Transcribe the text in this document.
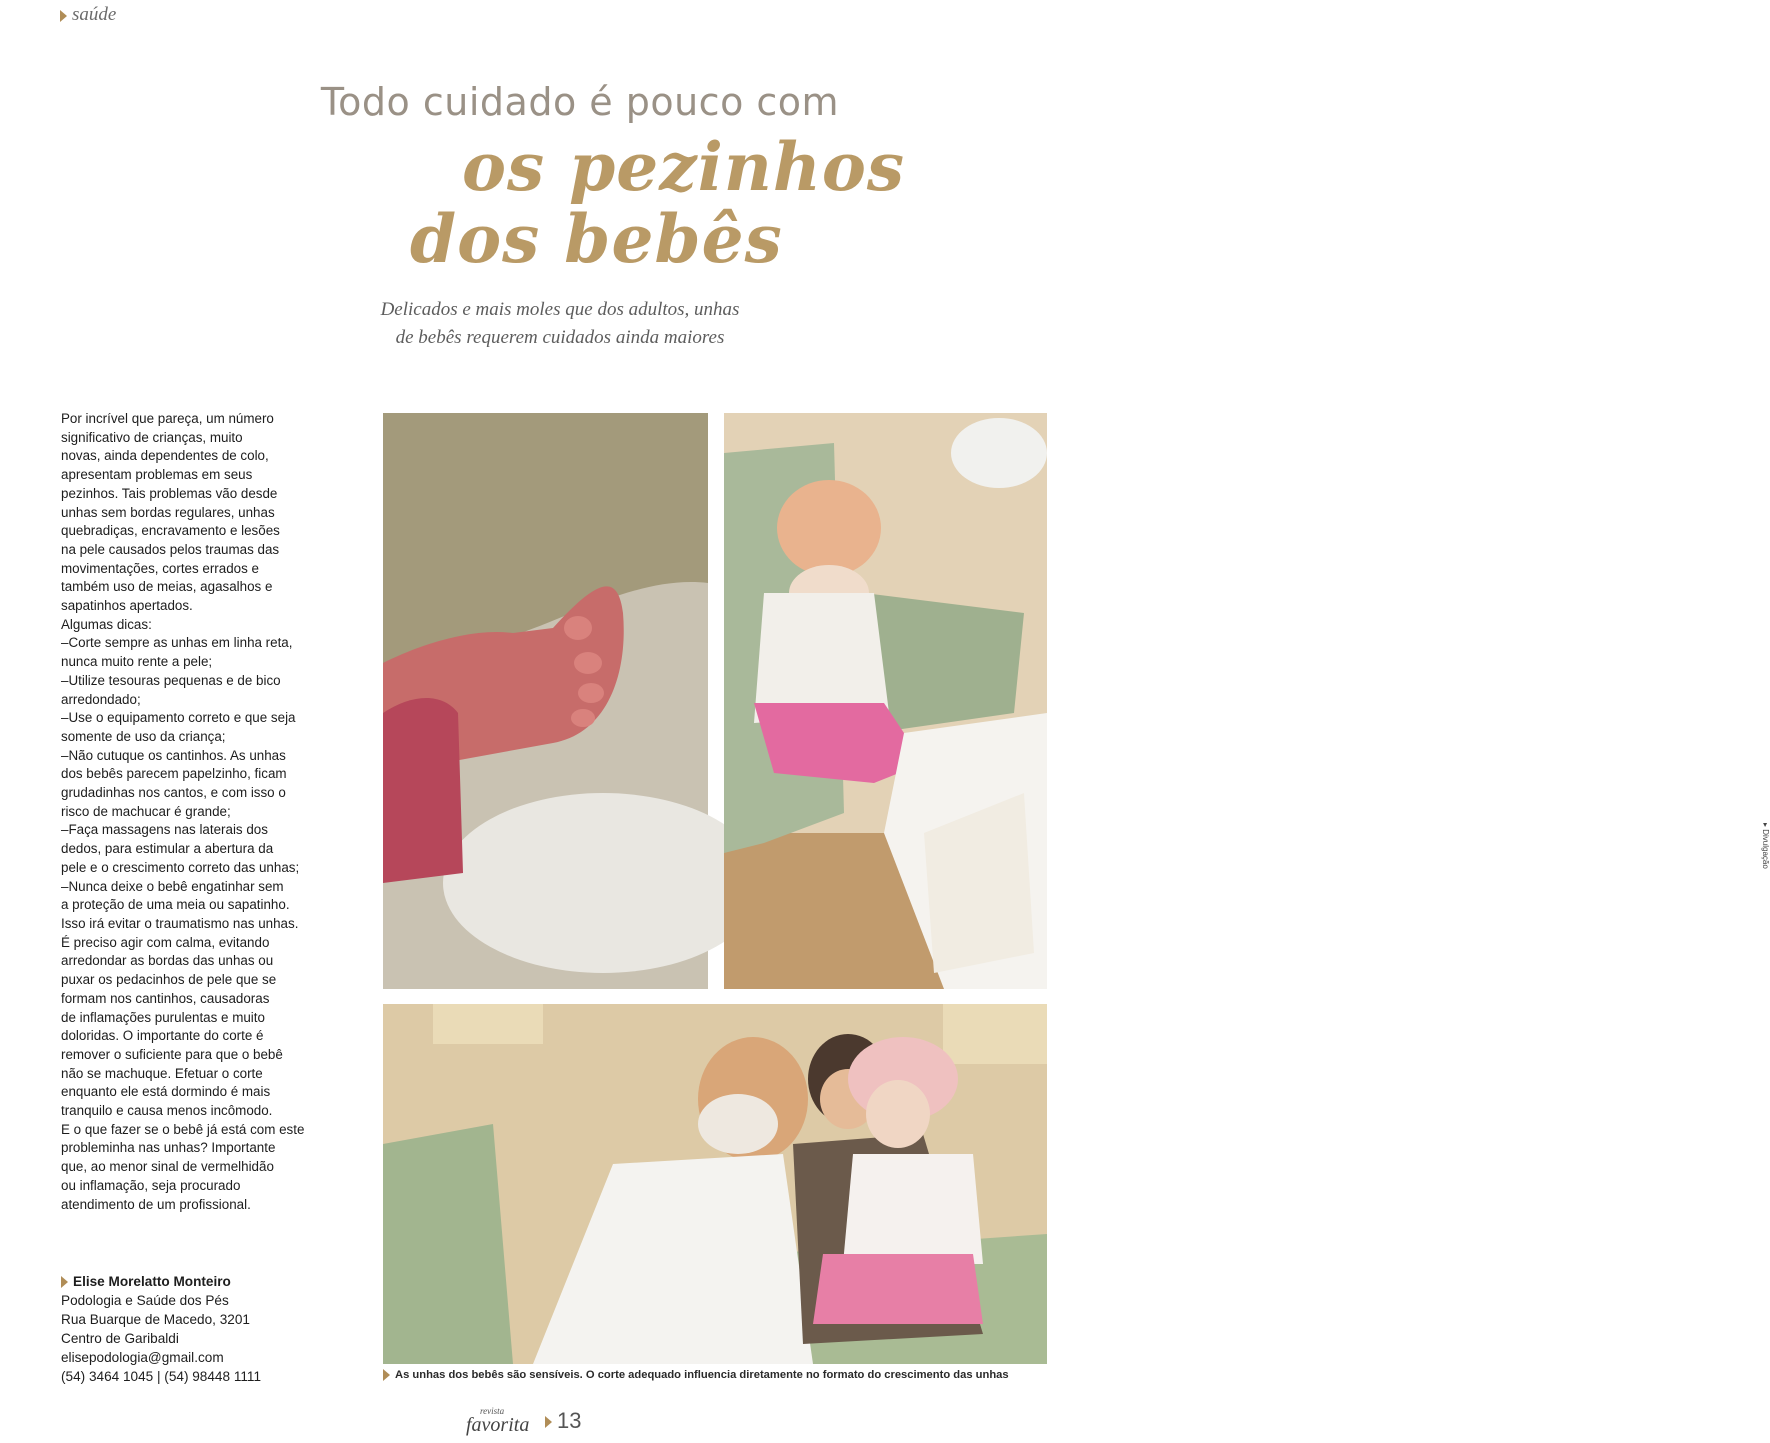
saúde
Todo cuidado é pouco com
os pezinhos
dos bebês
Delicados e mais moles que dos adultos, unhas
de bebês requerem cuidados ainda maiores
Por incrível que pareça, um número
significativo de crianças, muito
novas, ainda dependentes de colo,
apresentam problemas em seus
pezinhos. Tais problemas vão desde
unhas sem bordas regulares, unhas
quebradiças, encravamento e lesões
na pele causados pelos traumas das
movimentações, cortes errados e
também uso de meias, agasalhos e
sapatinhos apertados.
Algumas dicas:
–Corte sempre as unhas em linha reta,
nunca muito rente a pele;
–Utilize tesouras pequenas e de bico
arredondado;
–Use o equipamento correto e que seja
somente de uso da criança;
–Não cutuque os cantinhos. As unhas
dos bebês parecem papelzinho, ficam
grudadinhas nos cantos, e com isso o
risco de machucar é grande;
–Faça massagens nas laterais dos
dedos, para estimular a abertura da
pele e o crescimento correto das unhas;
–Nunca deixe o bebê engatinhar sem
a proteção de uma meia ou sapatinho.
Isso irá evitar o traumatismo nas unhas.
É preciso agir com calma, evitando
arredondar as bordas das unhas ou
puxar os pedacinhos de pele que se
formam nos cantinhos, causadoras
de inflamações purulentas e muito
doloridas. O importante do corte é
remover o suficiente para que o bebê
não se machuque. Efetuar o corte
enquanto ele está dormindo é mais
tranquilo e causa menos incômodo.
E o que fazer se o bebê já está com este
probleminha nas unhas? Importante
que, ao menor sinal de vermelhidão
ou inflamação, seja procurado
atendimento de um profissional.
Elise Morelatto Monteiro
Podologia e Saúde dos Pés
Rua Buarque de Macedo, 3201
Centro de Garibaldi
elisepodologia@gmail.com
(54) 3464 1045 | (54) 98448 1111
▸ Divulgação
As unhas dos bebês são sensíveis. O corte adequado influencia diretamente no formato do crescimento das unhas
revista
favorita	13
